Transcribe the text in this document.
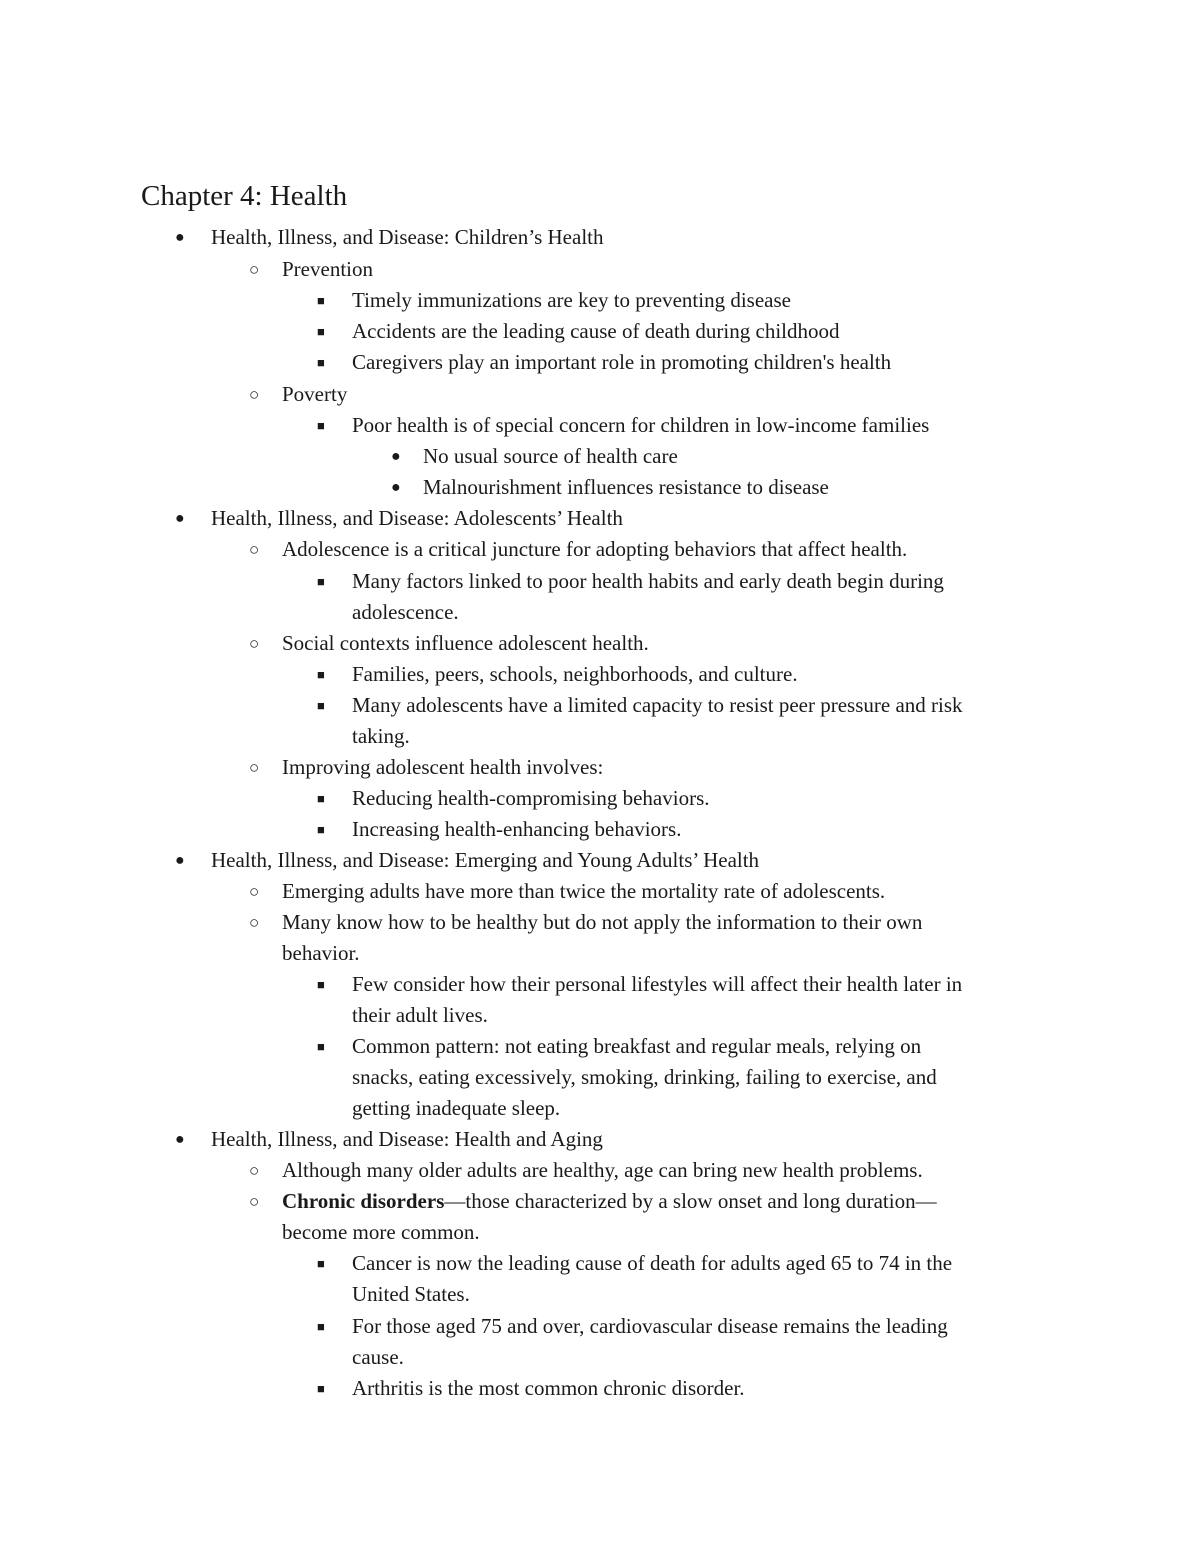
Chapter 4: Health
● Health, Illness, and Disease: Children’s Health
○ Prevention
■ Timely immunizations are key to preventing disease
■ Accidents are the leading cause of death during childhood
■ Caregivers play an important role in promoting children's health
○ Poverty
■ Poor health is of special concern for children in low-income families
● No usual source of health care
● Malnourishment influences resistance to disease
● Health, Illness, and Disease: Adolescents’ Health
○ Adolescence is a critical juncture for adopting behaviors that affect health.
■ Many factors linked to poor health habits and early death begin during
adolescence.
○ Social contexts influence adolescent health.
■ Families, peers, schools, neighborhoods, and culture.
■ Many adolescents have a limited capacity to resist peer pressure and risk
taking.
○ Improving adolescent health involves:
■ Reducing health-compromising behaviors.
■ Increasing health-enhancing behaviors.
● Health, Illness, and Disease: Emerging and Young Adults’ Health
○ Emerging adults have more than twice the mortality rate of adolescents.
○ Many know how to be healthy but do not apply the information to their own
behavior.
■ Few consider how their personal lifestyles will affect their health later in
their adult lives.
■ Common pattern: not eating breakfast and regular meals, relying on
snacks, eating excessively, smoking, drinking, failing to exercise, and
getting inadequate sleep.
● Health, Illness, and Disease: Health and Aging
○ Although many older adults are healthy, age can bring new health problems.
○ Chronic disorders—those characterized by a slow onset and long duration—
become more common.
■ Cancer is now the leading cause of death for adults aged 65 to 74 in the
United States.
■ For those aged 75 and over, cardiovascular disease remains the leading
cause.
■ Arthritis is the most common chronic disorder.
